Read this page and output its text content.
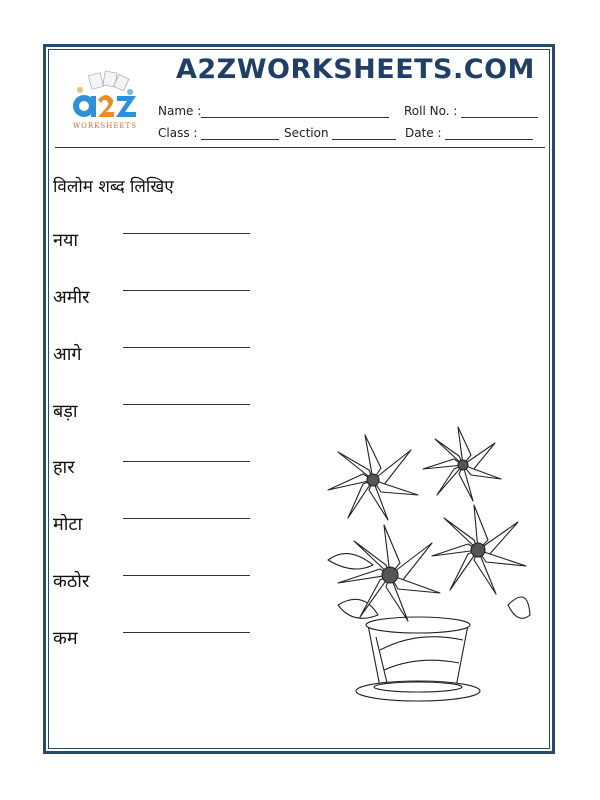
A2ZWORKSHEETS.COM
WORKSHEETS
Name :	Roll No. :
Class :	Section	Date :
विलोम शब्द लिखिए
नया
अमीर
आगे
बड़ा
हार
मोटा
कठोर
कम
